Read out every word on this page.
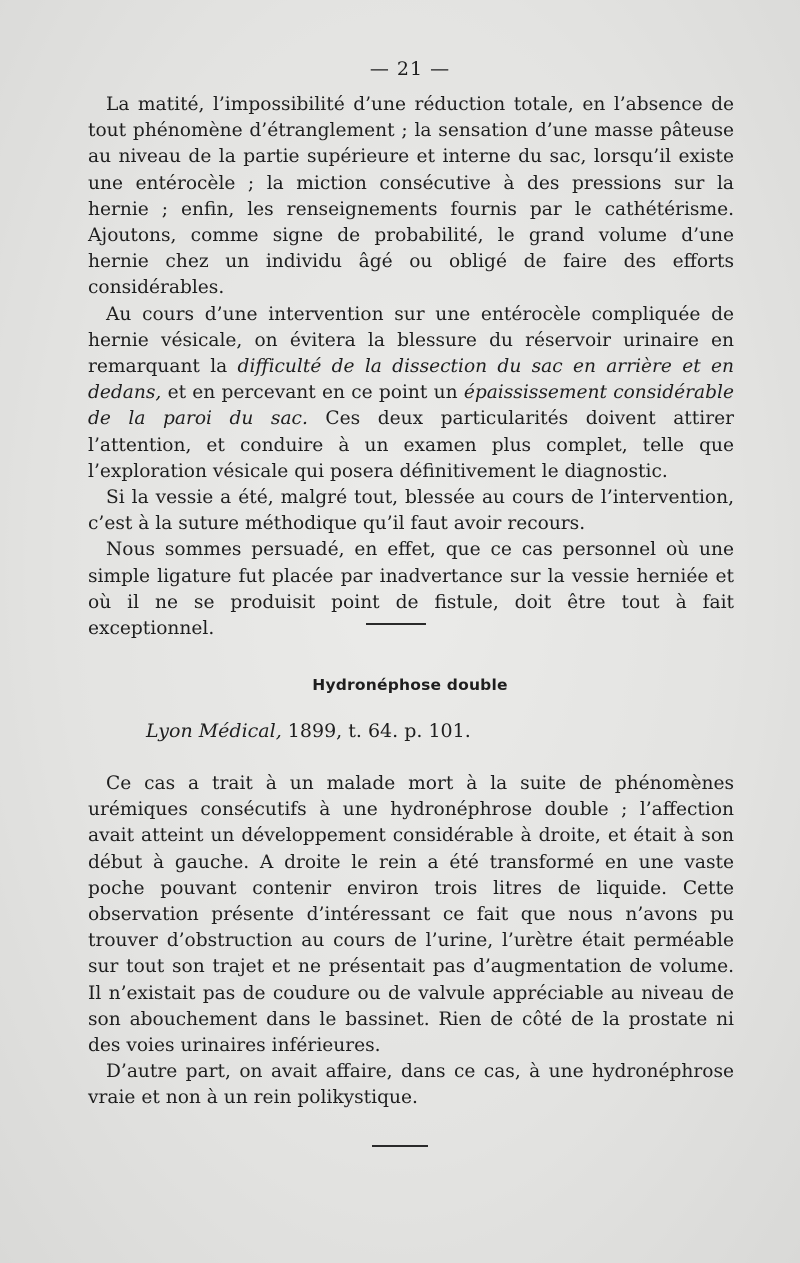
— 21 —

La matité, l’impossibilité d’une réduction totale, en l’absence de tout phénomène d’étranglement ; la sensation d’une masse pâteuse au niveau de la partie supérieure et interne du sac, lorsqu’il existe une entérocèle ; la miction consécutive à des pressions sur la hernie ; enfin, les renseignements fournis par le cathétérisme. Ajoutons, comme signe de probabilité, le grand volume d’une hernie chez un individu âgé ou obligé de faire des efforts considérables.

Au cours d’une intervention sur une entérocèle compliquée de hernie vésicale, on évitera la blessure du réservoir urinaire en remarquant la difficulté de la dissection du sac en arrière et en dedans, et en percevant en ce point un épaississement considérable de la paroi du sac. Ces deux particularités doivent attirer l’attention, et conduire à un examen plus complet, telle que l’exploration vésicale qui posera définitivement le diagnostic.

Si la vessie a été, malgré tout, blessée au cours de l’intervention, c’est à la suture méthodique qu’il faut avoir recours.

Nous sommes persuadé, en effet, que ce cas personnel où une simple ligature fut placée par inadvertance sur la vessie herniée et où il ne se produisit point de fistule, doit être tout à fait exceptionnel.

Hydronéphose double
Lyon Médical, 1899, t. 64. p. 101.

Ce cas a trait à un malade mort à la suite de phénomènes urémiques consécutifs à une hydronéphrose double ; l’affection avait atteint un développement considérable à droite, et était à son début à gauche. A droite le rein a été transformé en une vaste poche pouvant contenir environ trois litres de liquide. Cette observation présente d’intéressant ce fait que nous n’avons pu trouver d’obstruction au cours de l’urine, l’urètre était perméable sur tout son trajet et ne présentait pas d’augmentation de volume. Il n’existait pas de coudure ou de valvule appréciable au niveau de son abouchement dans le bassinet. Rien de côté de la prostate ni des voies urinaires inférieures.

D’autre part, on avait affaire, dans ce cas, à une hydronéphrose vraie et non à un rein polikystique.
